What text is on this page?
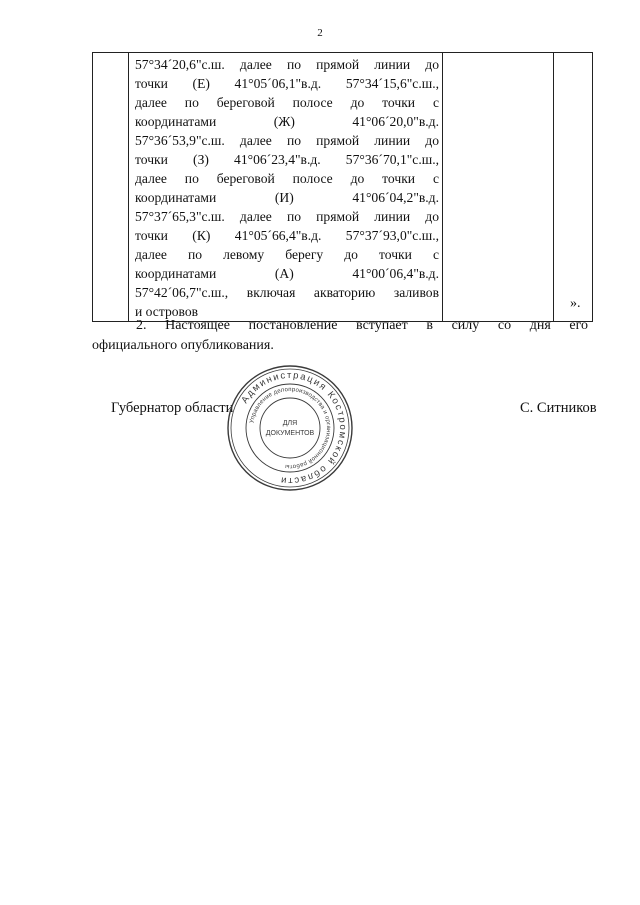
2

57°34´20,6"с.ш. далее по прямой линии до
точки (Е) 41°05´06,1"в.д. 57°34´15,6"с.ш.,
далее по береговой полосе до точки с
координатами (Ж) 41°06´20,0"в.д.
57°36´53,9"с.ш. далее по прямой линии до
точки (З) 41°06´23,4"в.д. 57°36´70,1"с.ш.,
далее по береговой полосе до точки с
координатами (И) 41°06´04,2"в.д.
57°37´65,3"с.ш. далее по прямой линии до
точки (К) 41°05´66,4"в.д. 57°37´93,0"с.ш.,
далее по левому берегу до точки с
координатами (А) 41°00´06,4"в.д.
57°42´06,7"с.ш., включая акваторию заливов
и островов

».
2. Настоящее постановление вступает в силу со дня его
официального опубликования.
Губернатор области	С. Ситников
Администрация Костромской области
Управление делопроизводства и организационной работы
ДЛЯ
ДОКУМЕНТОВ
